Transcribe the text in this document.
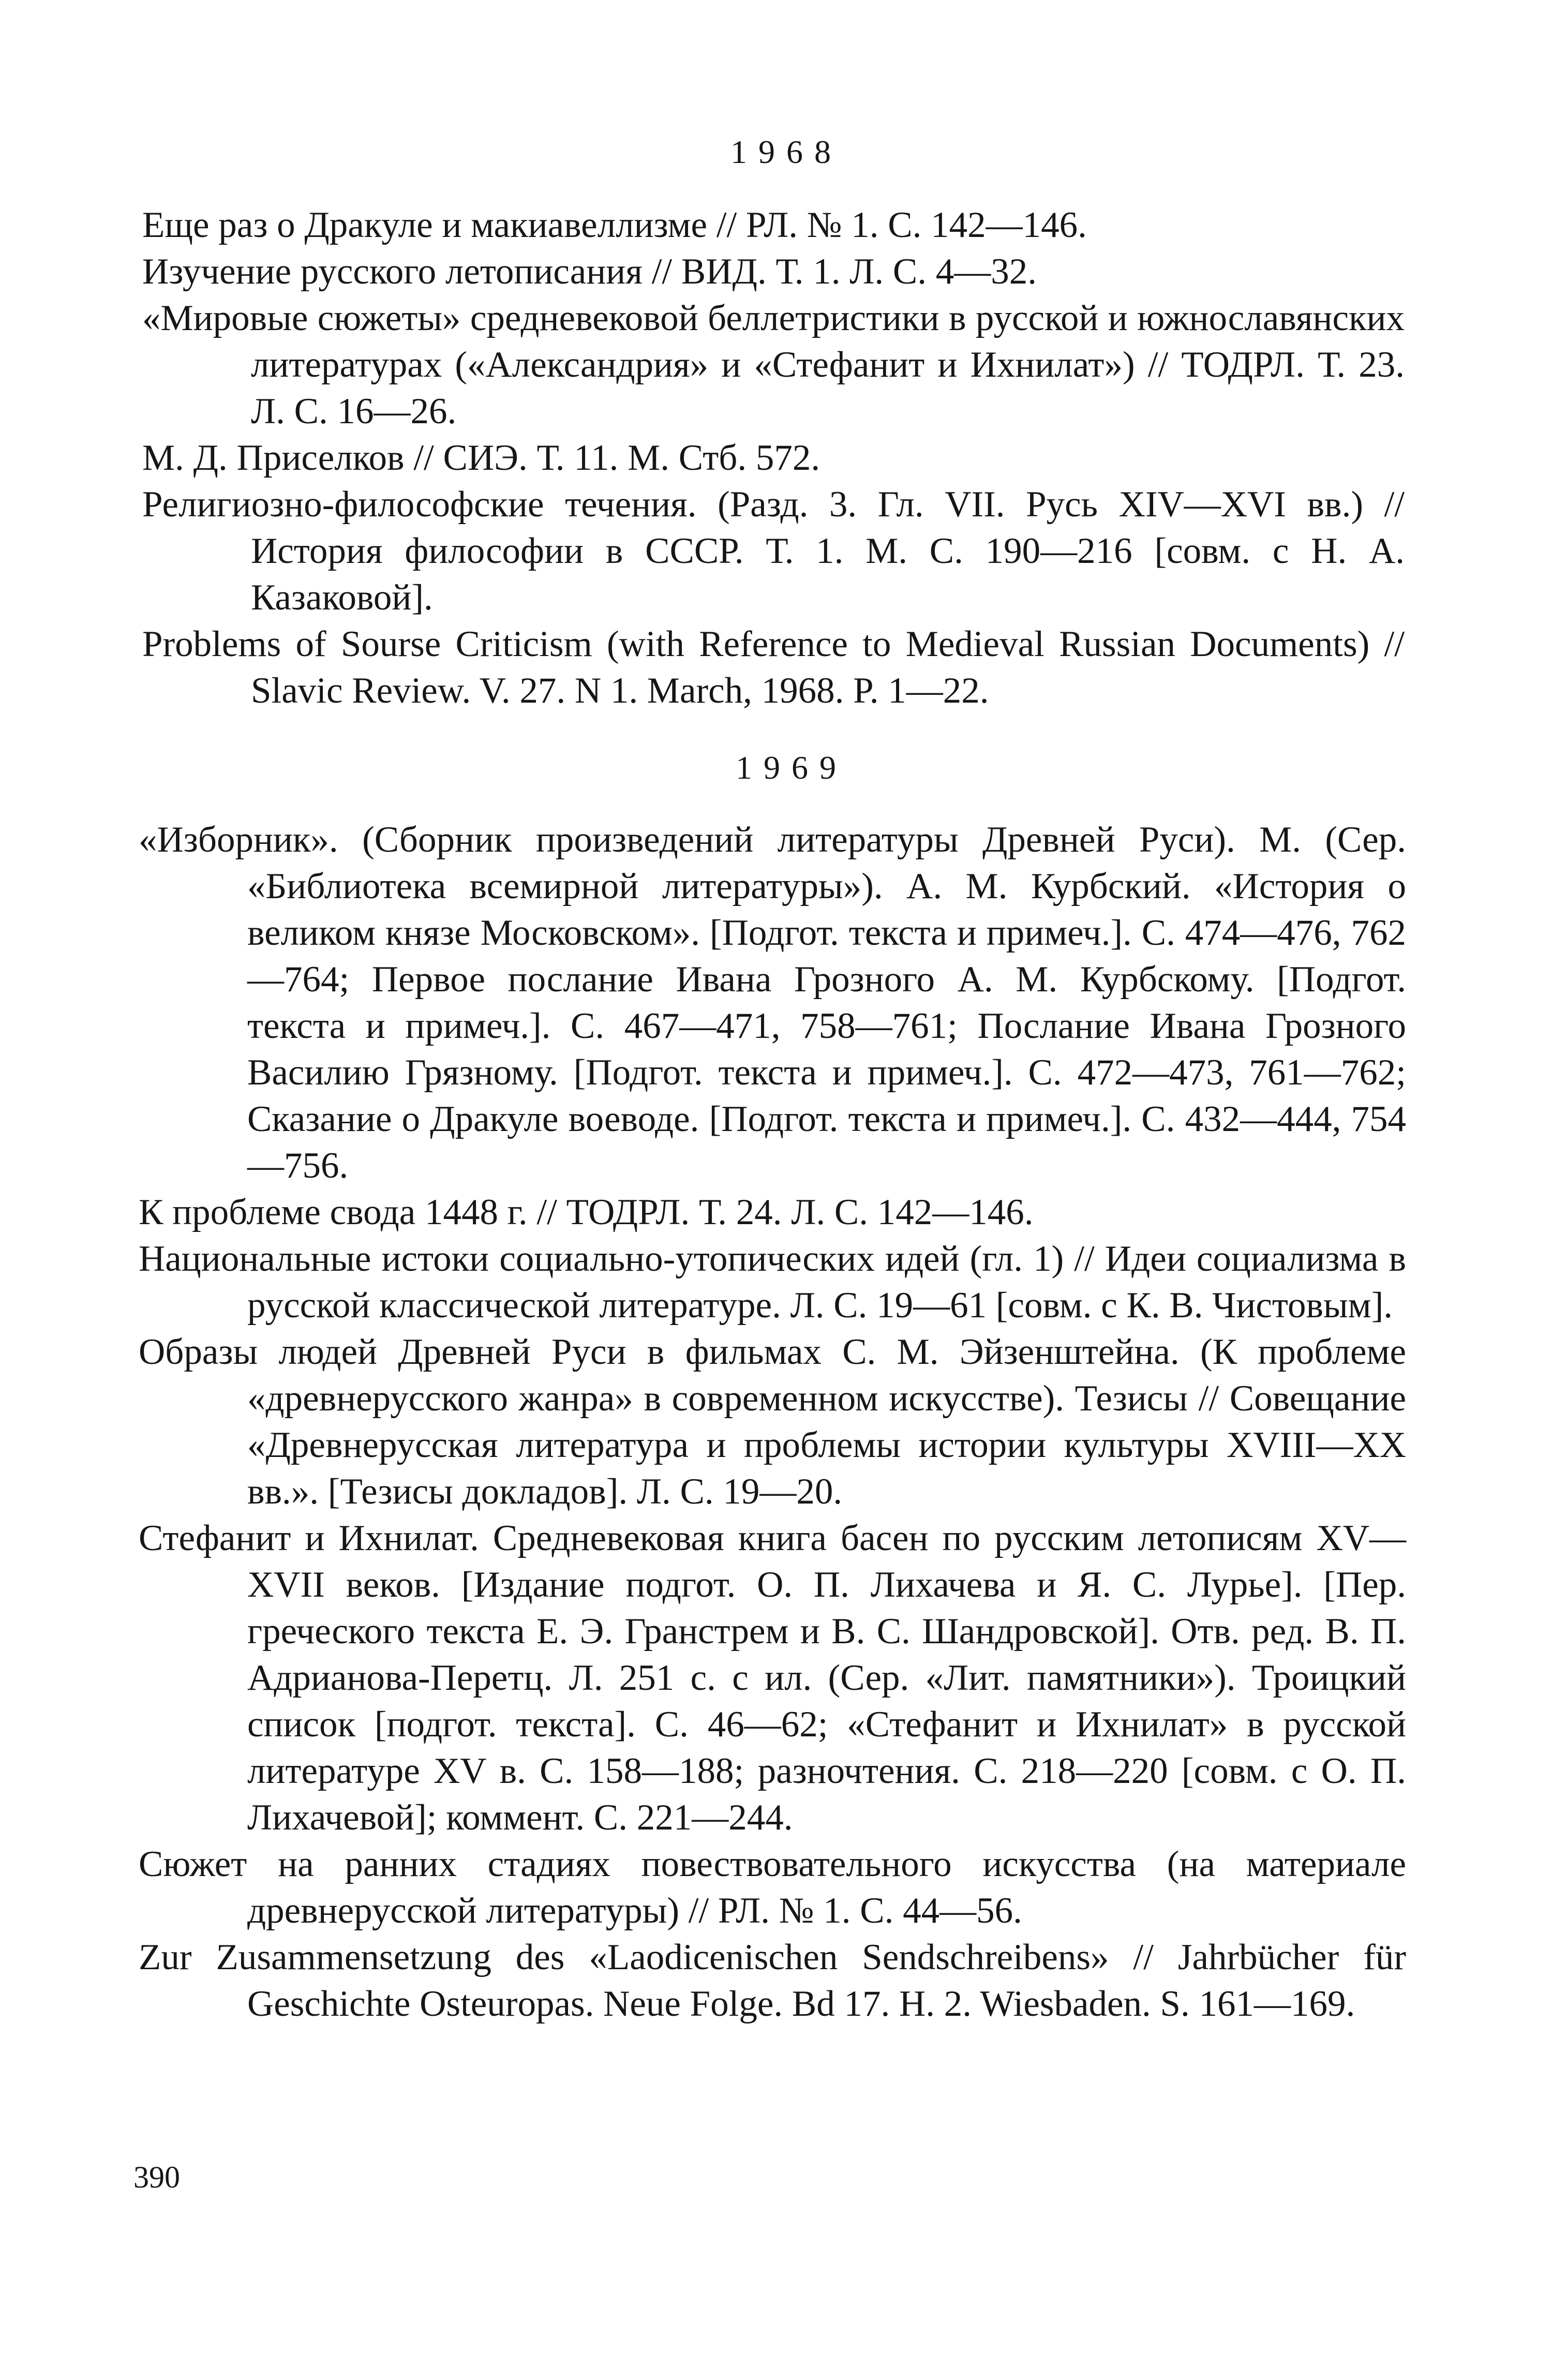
1968

Еще раз о Дракуле и макиавеллизме // РЛ. № 1. С. 142—146.

Изучение русского летописания // ВИД. Т. 1. Л. С. 4—32.

«Мировые сюжеты» средневековой беллетристики в русской и южнославянских литературах («Александрия» и «Стефанит и Ихнилат») // ТОДРЛ. Т. 23. Л. С. 16—26.

М. Д. Приселков // СИЭ. Т. 11. М. Стб. 572.

Религиозно-философские течения. (Разд. 3. Гл. VII. Русь XIV—XVI вв.) // История философии в СССР. Т. 1. М. С. 190—216 [совм. с Н. А. Казаковой].

Problems of Sourse Criticism (with Reference to Medieval Russian Documents) // Slavic Review. V. 27. N 1. March, 1968. P. 1—22.

1969

«Изборник». (Сборник произведений литературы Древней Руси). М. (Сер. «Библиотека всемирной литературы»). А. М. Курбский. «История о великом князе Московском». [Подгот. текста и примеч.]. С. 474—476, 762—764; Первое послание Ивана Грозного А. М. Курбскому. [Подгот. текста и примеч.]. С. 467—471, 758—761; Послание Ивана Грозного Василию Грязному. [Подгот. текста и примеч.]. С. 472—473, 761—762; Сказание о Дракуле воеводе. [Подгот. текста и примеч.]. С. 432—444, 754—756.

К проблеме свода 1448 г. // ТОДРЛ. Т. 24. Л. С. 142—146.

Национальные истоки социально-утопических идей (гл. 1) // Идеи социализма в русской классической литературе. Л. С. 19—61 [совм. с К. В. Чистовым].

Образы людей Древней Руси в фильмах С. М. Эйзенштейна. (К проблеме «древнерусского жанра» в современном искусстве). Тезисы // Совещание «Древнерусская литература и проблемы истории культуры XVIII—XX вв.». [Тезисы докладов]. Л. С. 19—20.

Стефанит и Ихнилат. Средневековая книга басен по русским летописям XV—XVII веков. [Издание подгот. О. П. Лихачева и Я. С. Лурье]. [Пер. греческого текста Е. Э. Гранстрем и В. С. Шандровской]. Отв. ред. В. П. Адрианова-Перетц. Л. 251 с. с ил. (Сер. «Лит. памятники»). Троицкий список [подгот. текста]. С. 46—62; «Стефанит и Ихнилат» в русской литературе XV в. С. 158—188; разночтения. С. 218—220 [совм. с О. П. Лихачевой]; коммент. С. 221—244.

Сюжет на ранних стадиях повествовательного искусства (на материале древнерусской литературы) // РЛ. № 1. С. 44—56.

Zur Zusammensetzung des «Laodicenischen Sendschreibens» // Jahrbücher für Geschichte Osteuropas. Neue Folge. Bd 17. H. 2. Wiesbaden. S. 161—169.

390
